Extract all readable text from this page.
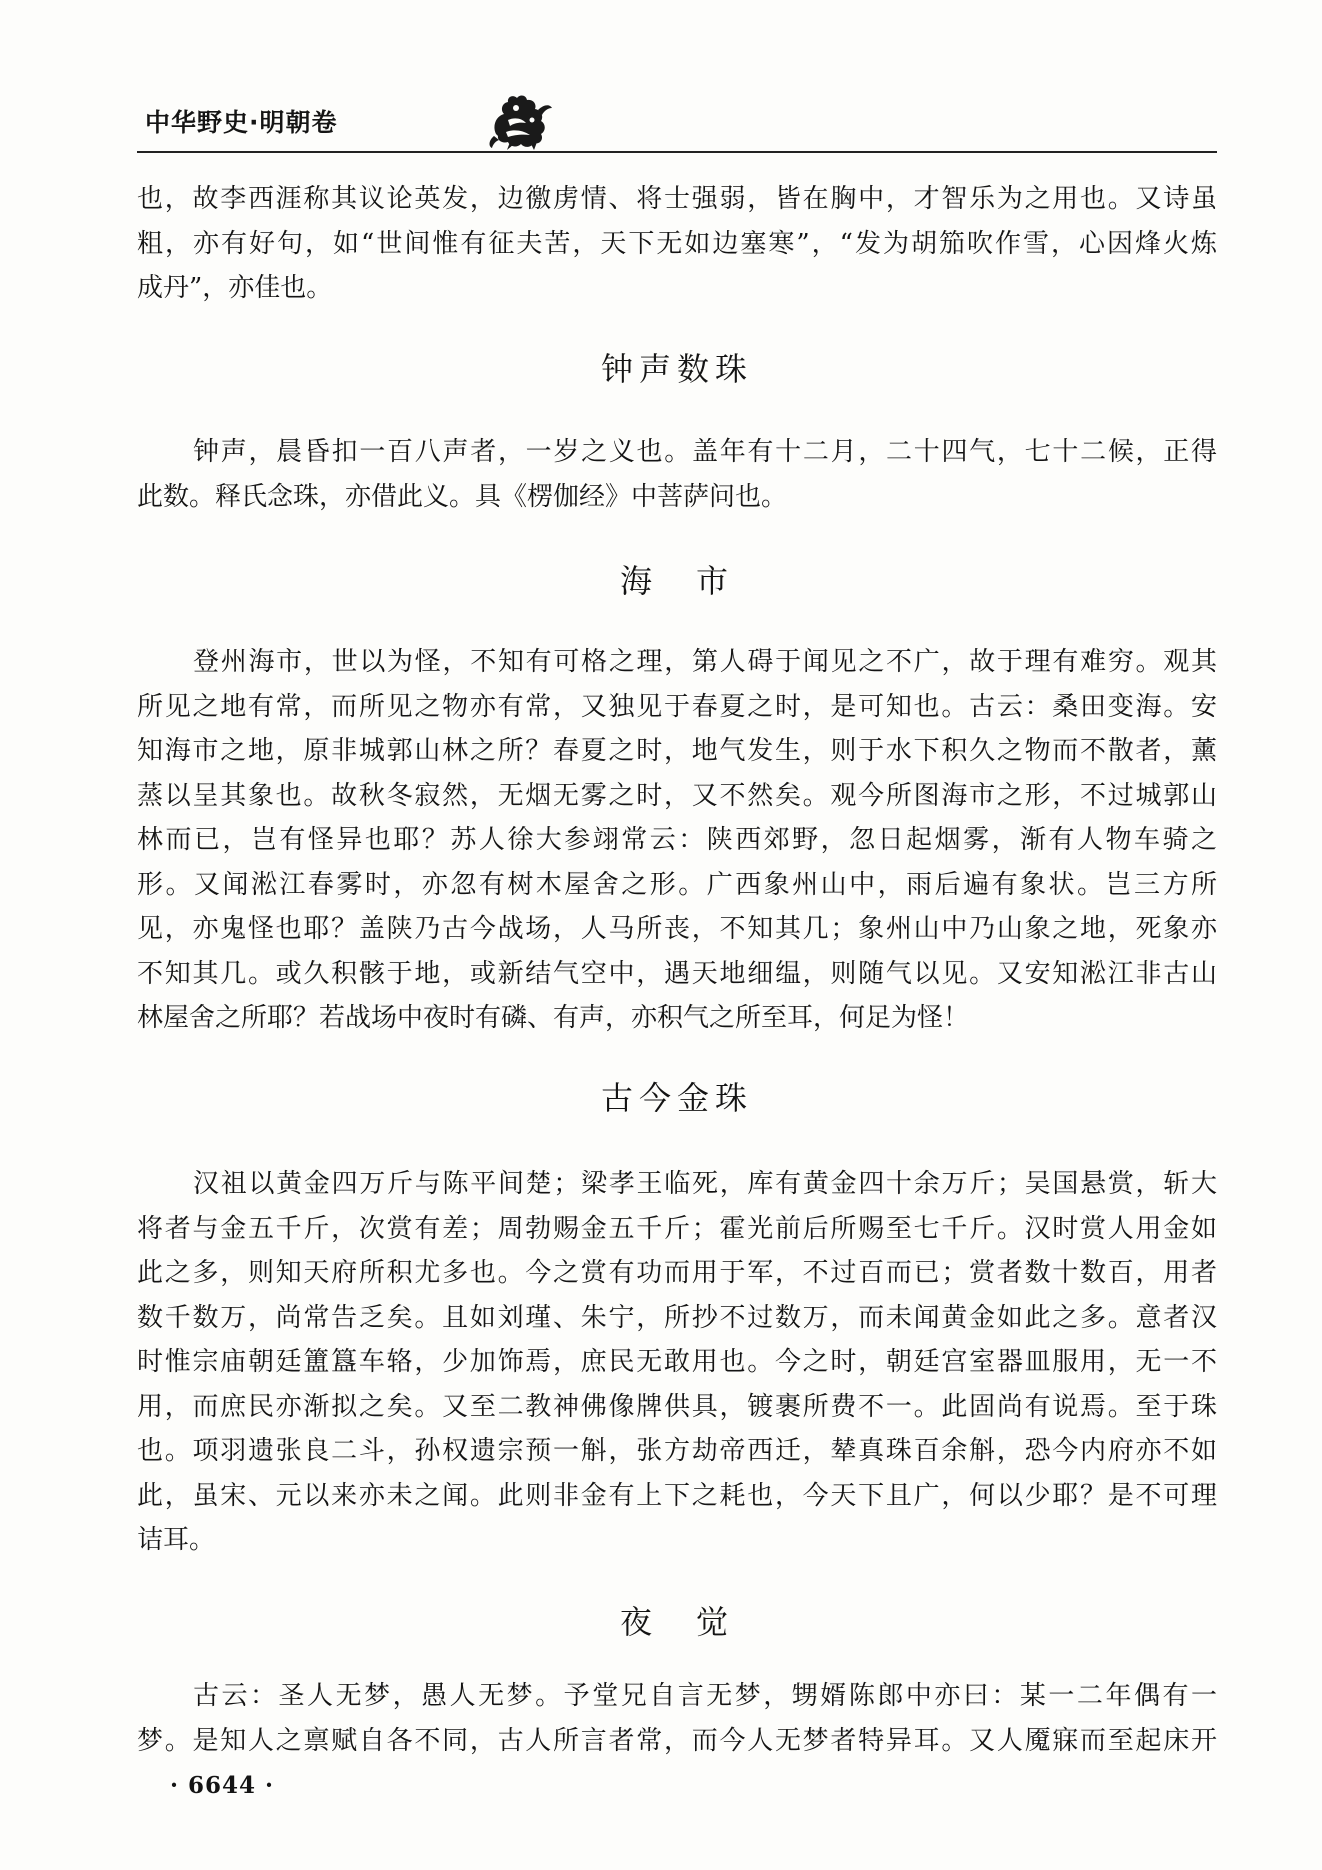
中华野史·明朝卷
也，故李西涯称其议论英发，边徼虏情、将士强弱，皆在胸中，才智乐为之用也。又诗虽
粗，亦有好句，如“世间惟有征夫苦，天下无如边塞寒”，“发为胡笳吹作雪，心因烽火炼
成丹”，亦佳也。
钟声数珠
钟声，晨昏扣一百八声者，一岁之义也。盖年有十二月，二十四气，七十二候，正得
此数。释氏念珠，亦借此义。具《楞伽经》中菩萨问也。
海　市
登州海市，世以为怪，不知有可格之理，第人碍于闻见之不广，故于理有难穷。观其
所见之地有常，而所见之物亦有常，又独见于春夏之时，是可知也。古云：桑田变海。安
知海市之地，原非城郭山林之所？春夏之时，地气发生，则于水下积久之物而不散者，薰
蒸以呈其象也。故秋冬寂然，无烟无雾之时，又不然矣。观今所图海市之形，不过城郭山
林而已，岂有怪异也耶？苏人徐大参翊常云：陕西郊野，忽日起烟雾，渐有人物车骑之
形。又闻淞江春雾时，亦忽有树木屋舍之形。广西象州山中，雨后遍有象状。岂三方所
见，亦鬼怪也耶？盖陕乃古今战场，人马所丧，不知其几；象州山中乃山象之地，死象亦
不知其几。或久积骸于地，或新结气空中，遇天地细缊，则随气以见。又安知淞江非古山
林屋舍之所耶？若战场中夜时有磷、有声，亦积气之所至耳，何足为怪！
古今金珠
汉祖以黄金四万斤与陈平间楚；梁孝王临死，库有黄金四十余万斤；吴国悬赏，斩大
将者与金五千斤，次赏有差；周勃赐金五千斤；霍光前后所赐至七千斤。汉时赏人用金如
此之多，则知天府所积尤多也。今之赏有功而用于军，不过百而已；赏者数十数百，用者
数千数万，尚常告乏矣。且如刘瑾、朱宁，所抄不过数万，而未闻黄金如此之多。意者汉
时惟宗庙朝廷簠簋车辂，少加饰焉，庶民无敢用也。今之时，朝廷宫室器皿服用，无一不
用，而庶民亦渐拟之矣。又至二教神佛像牌供具，镀裹所费不一。此固尚有说焉。至于珠
也。项羽遗张良二斗，孙权遗宗预一斛，张方劫帝西迁，辇真珠百余斛，恐今内府亦不如
此，虽宋、元以来亦未之闻。此则非金有上下之耗也，今天下且广，何以少耶？是不可理
诘耳。
夜　觉
古云：圣人无梦，愚人无梦。予堂兄自言无梦，甥婿陈郎中亦曰：某一二年偶有一
梦。是知人之禀赋自各不同，古人所言者常，而今人无梦者特异耳。又人魇寐而至起床开
· 6644 ·
